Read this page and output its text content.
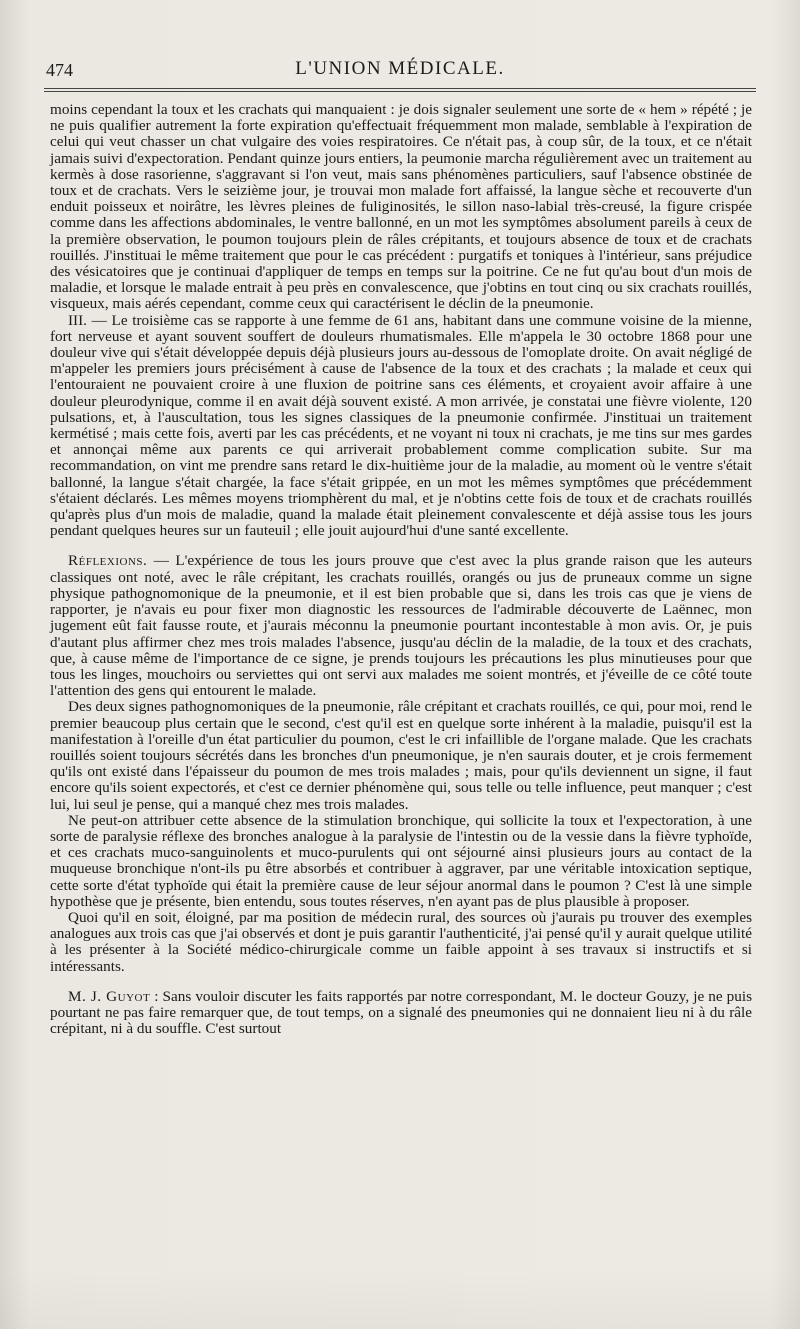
474	L'UNION MÉDICALE.

moins cependant la toux et les crachats qui manquaient : je dois signaler seulement une sorte de « hem » répété ; je ne puis qualifier autrement la forte expiration qu'effectuait fréquemment mon malade, semblable à l'expiration de celui qui veut chasser un chat vulgaire des voies respiratoires. Ce n'était pas, à coup sûr, de la toux, et ce n'était jamais suivi d'expectoration. Pendant quinze jours entiers, la peumonie marcha régulièrement avec un traitement au kermès à dose rasorienne, s'aggravant si l'on veut, mais sans phénomènes particuliers, sauf l'absence obstinée de toux et de crachats. Vers le seizième jour, je trouvai mon malade fort affaissé, la langue sèche et recouverte d'un enduit poisseux et noirâtre, les lèvres pleines de fuliginosités, le sillon naso-labial très-creusé, la figure crispée comme dans les affections abdominales, le ventre ballonné, en un mot les symptômes absolument pareils à ceux de la première observation, le poumon toujours plein de râles crépitants, et toujours absence de toux et de crachats rouillés. J'instituai le même traitement que pour le cas précédent : purgatifs et toniques à l'intérieur, sans préjudice des vésicatoires que je continuai d'appliquer de temps en temps sur la poitrine. Ce ne fut qu'au bout d'un mois de maladie, et lorsque le malade entrait à peu près en convalescence, que j'obtins en tout cinq ou six crachats rouillés, visqueux, mais aérés cependant, comme ceux qui caractérisent le déclin de la pneumonie.

III. — Le troisième cas se rapporte à une femme de 61 ans, habitant dans une commune voisine de la mienne, fort nerveuse et ayant souvent souffert de douleurs rhumatismales. Elle m'appela le 30 octobre 1868 pour une douleur vive qui s'était développée depuis déjà plusieurs jours au-dessous de l'omoplate droite. On avait négligé de m'appeler les premiers jours précisément à cause de l'absence de la toux et des crachats ; la malade et ceux qui l'entouraient ne pouvaient croire à une fluxion de poitrine sans ces éléments, et croyaient avoir affaire à une douleur pleurodynique, comme il en avait déjà souvent existé. A mon arrivée, je constatai une fièvre violente, 120 pulsations, et, à l'auscultation, tous les signes classiques de la pneumonie confirmée. J'instituai un traitement kermétisé ; mais cette fois, averti par les cas précédents, et ne voyant ni toux ni crachats, je me tins sur mes gardes et annonçai même aux parents ce qui arriverait probablement comme complication subite. Sur ma recommandation, on vint me prendre sans retard le dix-huitième jour de la maladie, au moment où le ventre s'était ballonné, la langue s'était chargée, la face s'était grippée, en un mot les mêmes symptômes que précédemment s'étaient déclarés. Les mêmes moyens triomphèrent du mal, et je n'obtins cette fois de toux et de crachats rouillés qu'après plus d'un mois de maladie, quand la malade était pleinement convalescente et déjà assise tous les jours pendant quelques heures sur un fauteuil ; elle jouit aujourd'hui d'une santé excellente.

Réflexions. — L'expérience de tous les jours prouve que c'est avec la plus grande raison que les auteurs classiques ont noté, avec le râle crépitant, les crachats rouillés, orangés ou jus de pruneaux comme un signe physique pathognomonique de la pneumonie, et il est bien probable que si, dans les trois cas que je viens de rapporter, je n'avais eu pour fixer mon diagnostic les ressources de l'admirable découverte de Laënnec, mon jugement eût fait fausse route, et j'aurais méconnu la pneumonie pourtant incontestable à mon avis. Or, je puis d'autant plus affirmer chez mes trois malades l'absence, jusqu'au déclin de la maladie, de la toux et des crachats, que, à cause même de l'importance de ce signe, je prends toujours les précautions les plus minutieuses pour que tous les linges, mouchoirs ou serviettes qui ont servi aux malades me soient montrés, et j'éveille de ce côté toute l'attention des gens qui entourent le malade.

Des deux signes pathognomoniques de la pneumonie, râle crépitant et crachats rouillés, ce qui, pour moi, rend le premier beaucoup plus certain que le second, c'est qu'il est en quelque sorte inhérent à la maladie, puisqu'il est la manifestation à l'oreille d'un état particulier du poumon, c'est le cri infaillible de l'organe malade. Que les crachats rouillés soient toujours sécrétés dans les bronches d'un pneumonique, je n'en saurais douter, et je crois fermement qu'ils ont existé dans l'épaisseur du poumon de mes trois malades ; mais, pour qu'ils deviennent un signe, il faut encore qu'ils soient expectorés, et c'est ce dernier phénomène qui, sous telle ou telle influence, peut manquer ; c'est lui, lui seul je pense, qui a manqué chez mes trois malades.

Ne peut-on attribuer cette absence de la stimulation bronchique, qui sollicite la toux et l'expectoration, à une sorte de paralysie réflexe des bronches analogue à la paralysie de l'intestin ou de la vessie dans la fièvre typhoïde, et ces crachats muco-sanguinolents et muco-purulents qui ont séjourné ainsi plusieurs jours au contact de la muqueuse bronchique n'ont-ils pu être absorbés et contribuer à aggraver, par une véritable intoxication septique, cette sorte d'état typhoïde qui était la première cause de leur séjour anormal dans le poumon ? C'est là une simple hypothèse que je présente, bien entendu, sous toutes réserves, n'en ayant pas de plus plausible à proposer.

Quoi qu'il en soit, éloigné, par ma position de médecin rural, des sources où j'aurais pu trouver des exemples analogues aux trois cas que j'ai observés et dont je puis garantir l'authenticité, j'ai pensé qu'il y aurait quelque utilité à les présenter à la Société médico-chirurgicale comme un faible appoint à ses travaux si instructifs et si intéressants.

M. J. Guyot : Sans vouloir discuter les faits rapportés par notre correspondant, M. le docteur Gouzy, je ne puis pourtant ne pas faire remarquer que, de tout temps, on a signalé des pneumonies qui ne donnaient lieu ni à du râle crépitant, ni à du souffle. C'est surtout
